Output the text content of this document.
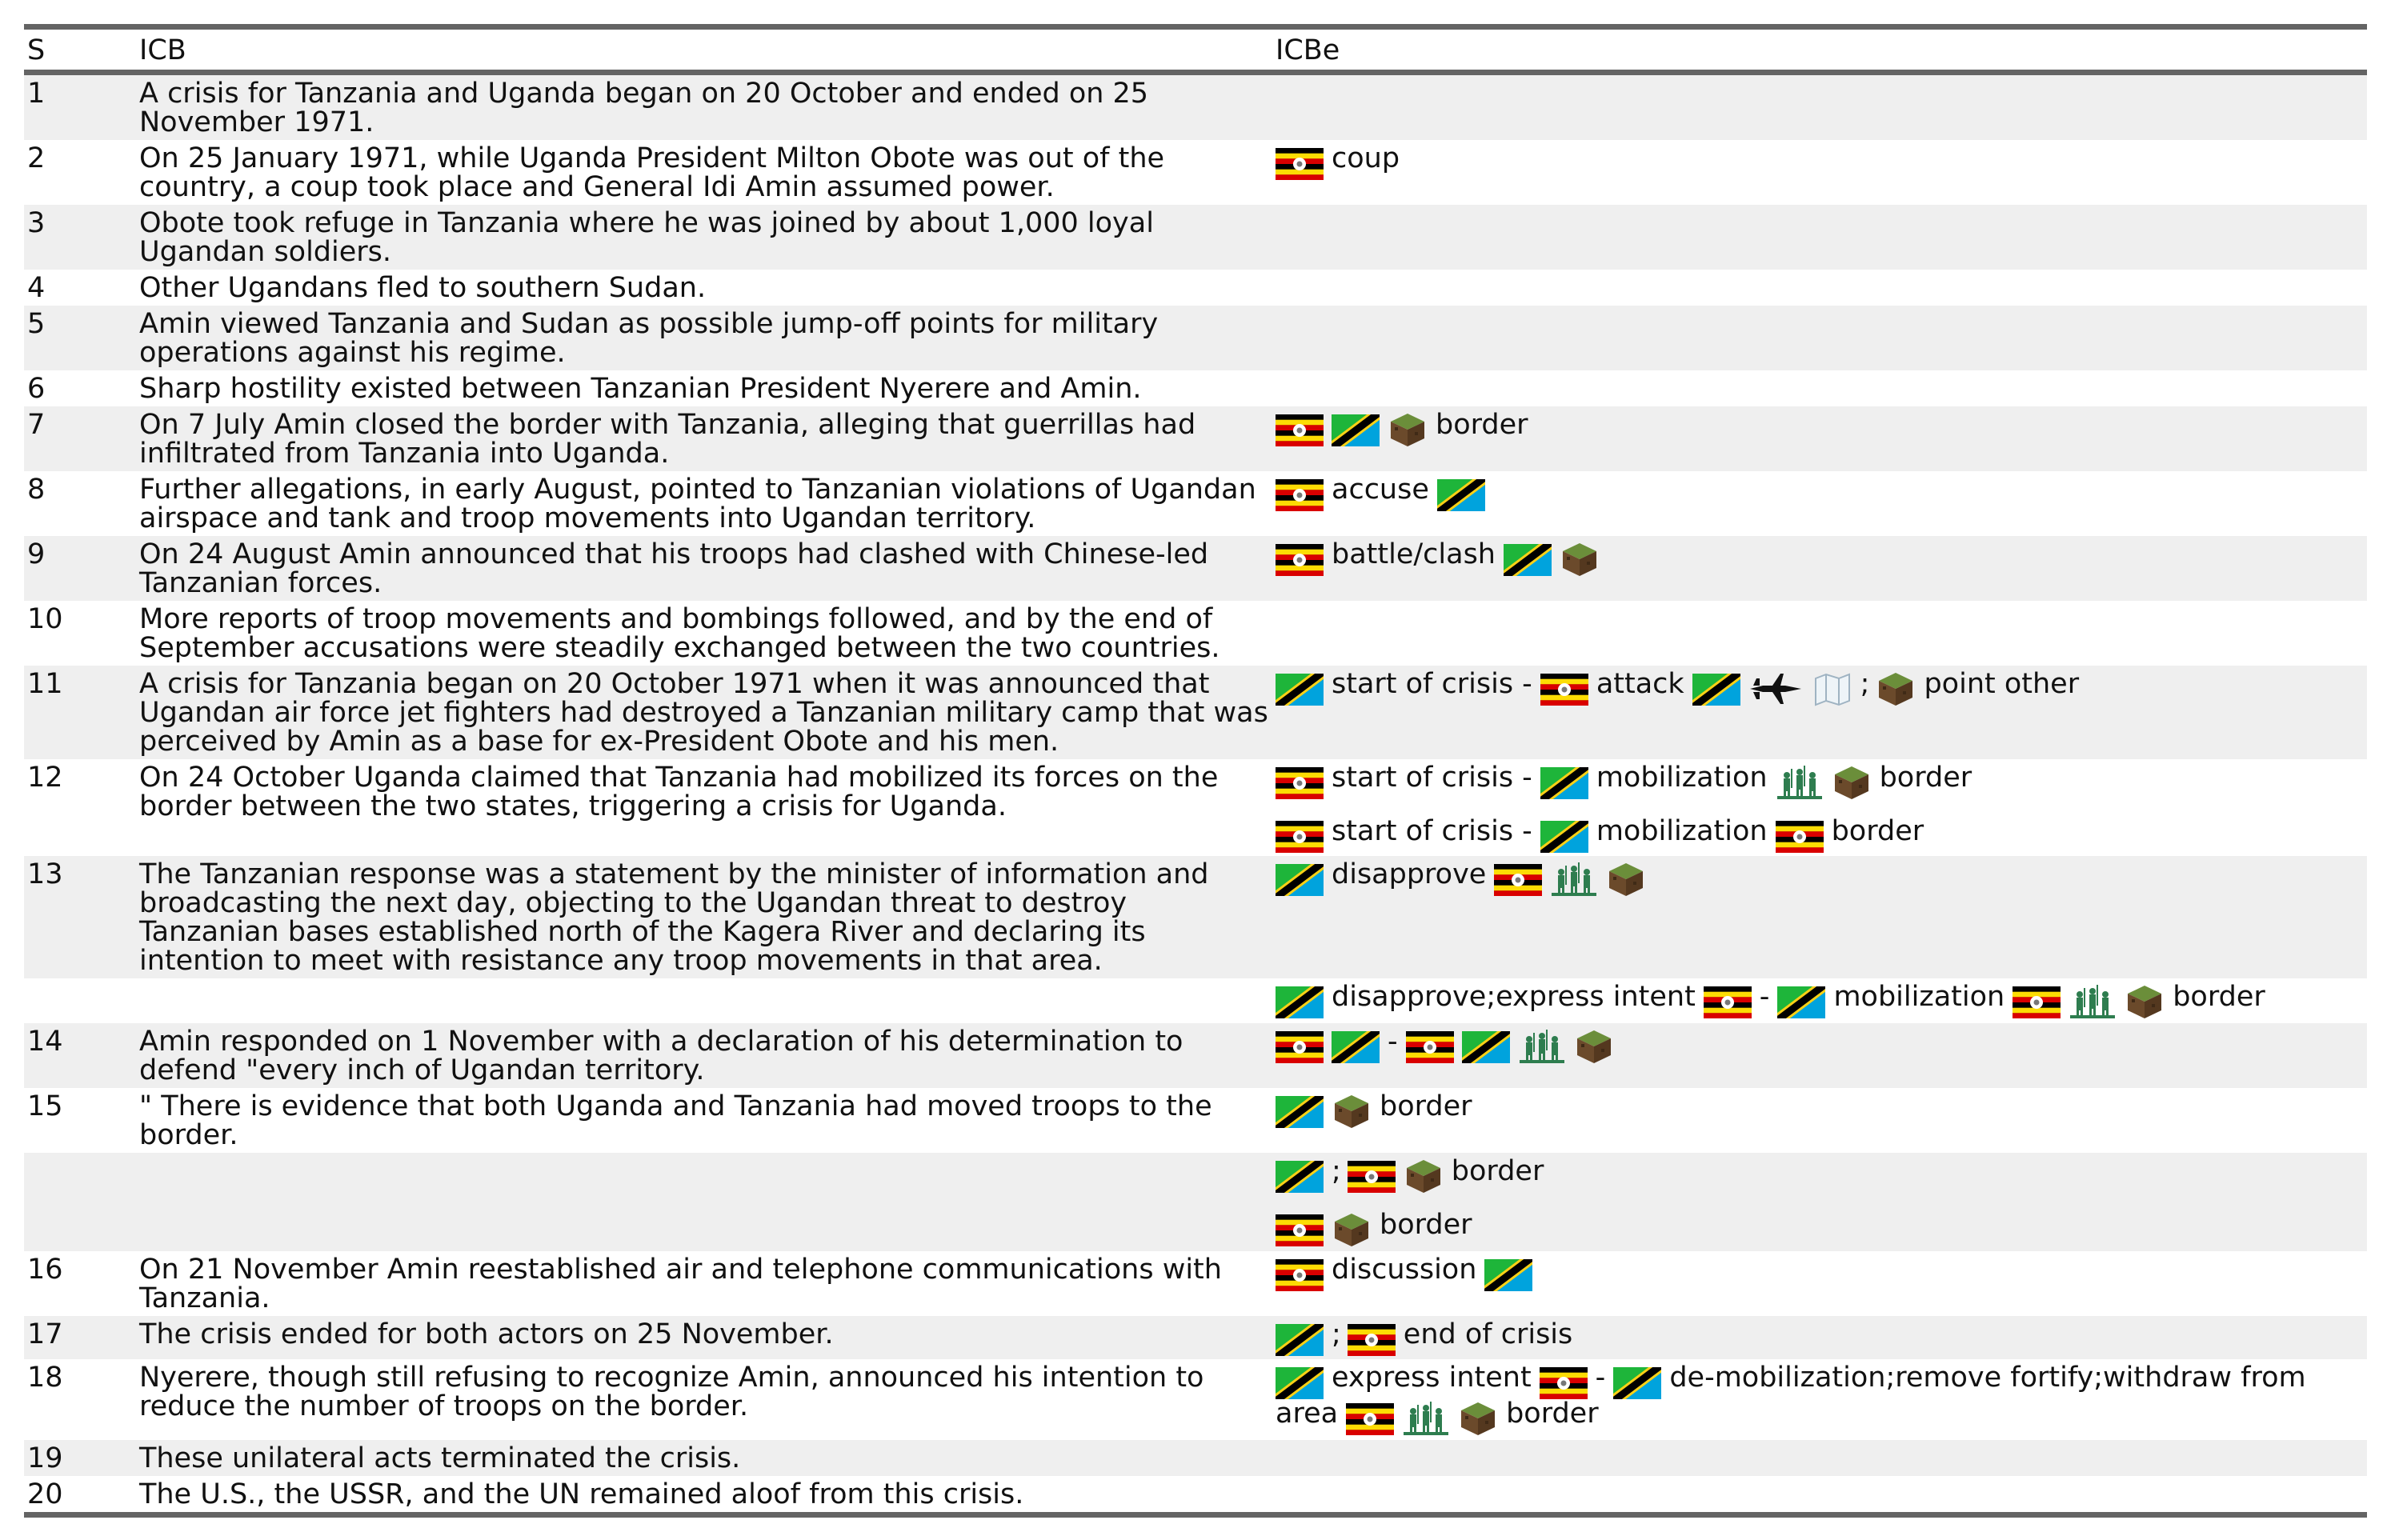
S	ICB	ICBe
1	A crisis for Tanzania and Uganda began on 20 October and ended on 25 November 1971.	
2	On 25 January 1971, while Uganda President Milton Obote was out of the country, a coup took place and General Idi Amin assumed power.	coup

3	Obote took refuge in Tanzania where he was joined by about 1,000 loyal Ugandan soldiers.	
4	Other Ugandans fled to southern Sudan.	
5	Amin viewed Tanzania and Sudan as possible jump-off points for military operations against his regime.	
6	Sharp hostility existed between Tanzanian President Nyerere and Amin.	
7	On 7 July Amin closed the border with Tanzania, alleging that guerrillas had infiltrated from Tanzania into Uganda.	border

8	Further allegations, in early August, pointed to Tanzanian violations of Ugandan airspace and tank and troop movements into Ugandan territory.	accuse

9	On 24 August Amin announced that his troops had clashed with Chinese-led Tanzanian forces.	battle/clash

10	More reports of troop movements and bombings followed, and by the end of September accusations were steadily exchanged between the two countries.	
11	A crisis for Tanzania began on 20 October 1971 when it was announced that Ugandan air force jet fighters had destroyed a Tanzanian military camp that was perceived by Amin as a base for ex-President Obote and his men.	start of crisis - attack ; point other

12	On 24 October Uganda claimed that Tanzania had mobilized its forces on the border between the two states, triggering a crisis for Uganda.	start of crisis - mobilization border
start of crisis - mobilization border

13	The Tanzanian response was a statement by the minister of information and broadcasting the next day, objecting to the Ugandan threat to destroy Tanzanian bases established north of the Kagera River and declaring its intention to meet with resistance any troop movements in that area.	disapprove

		disapprove;express intent - mobilization border

14	Amin responded on 1 November with a declaration of his determination to defend "every inch of Ugandan territory.	-

15	" There is evidence that both Uganda and Tanzania had moved troops to the border.	border

		; border
border

16	On 21 November Amin reestablished air and telephone communications with Tanzania.	discussion

17	The crisis ended for both actors on 25 November.	; end of crisis

18	Nyerere, though still refusing to recognize Amin, announced his intention to reduce the number of troops on the border.	express intent - de-mobilization;remove fortify;withdraw from area border

19	These unilateral acts terminated the crisis.	
20	The U.S., the USSR, and the UN remained aloof from this crisis.	
